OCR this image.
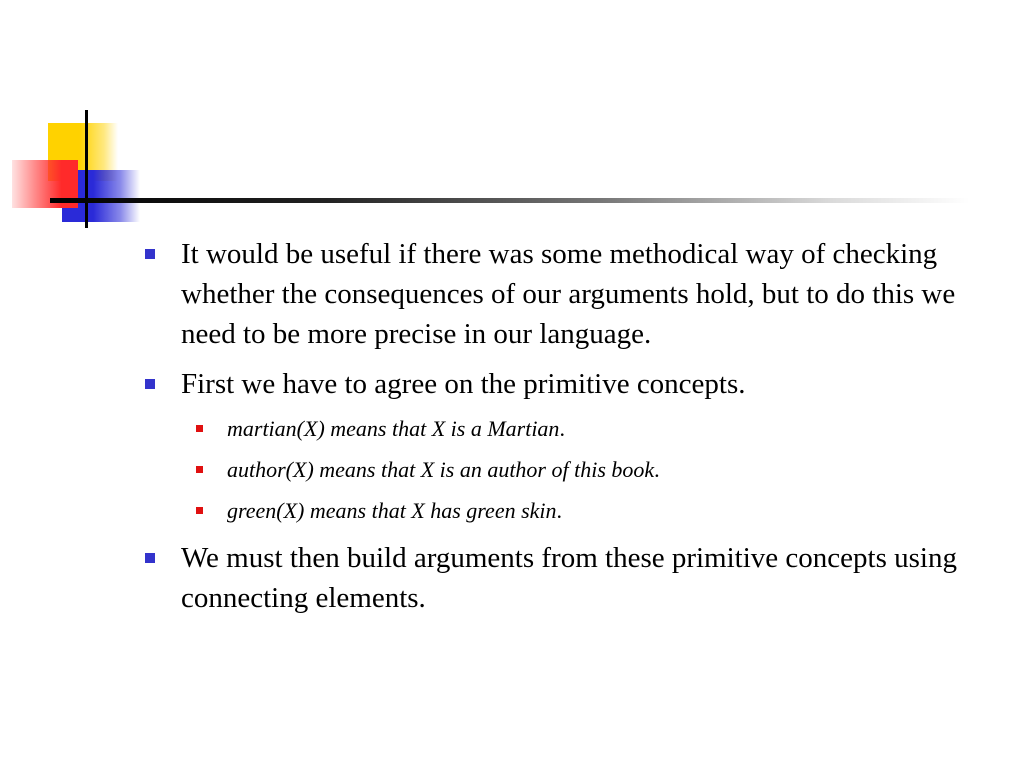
It would be useful if there was some methodical way of checking whether the consequences of our arguments hold, but to do this we need to be more precise in our language.
First we have to agree on the primitive concepts.
martian(X) means that X is a Martian.
author(X) means that X is an author of this book.
green(X) means that X has green skin.
We must then build arguments from these primitive concepts using connecting elements.
